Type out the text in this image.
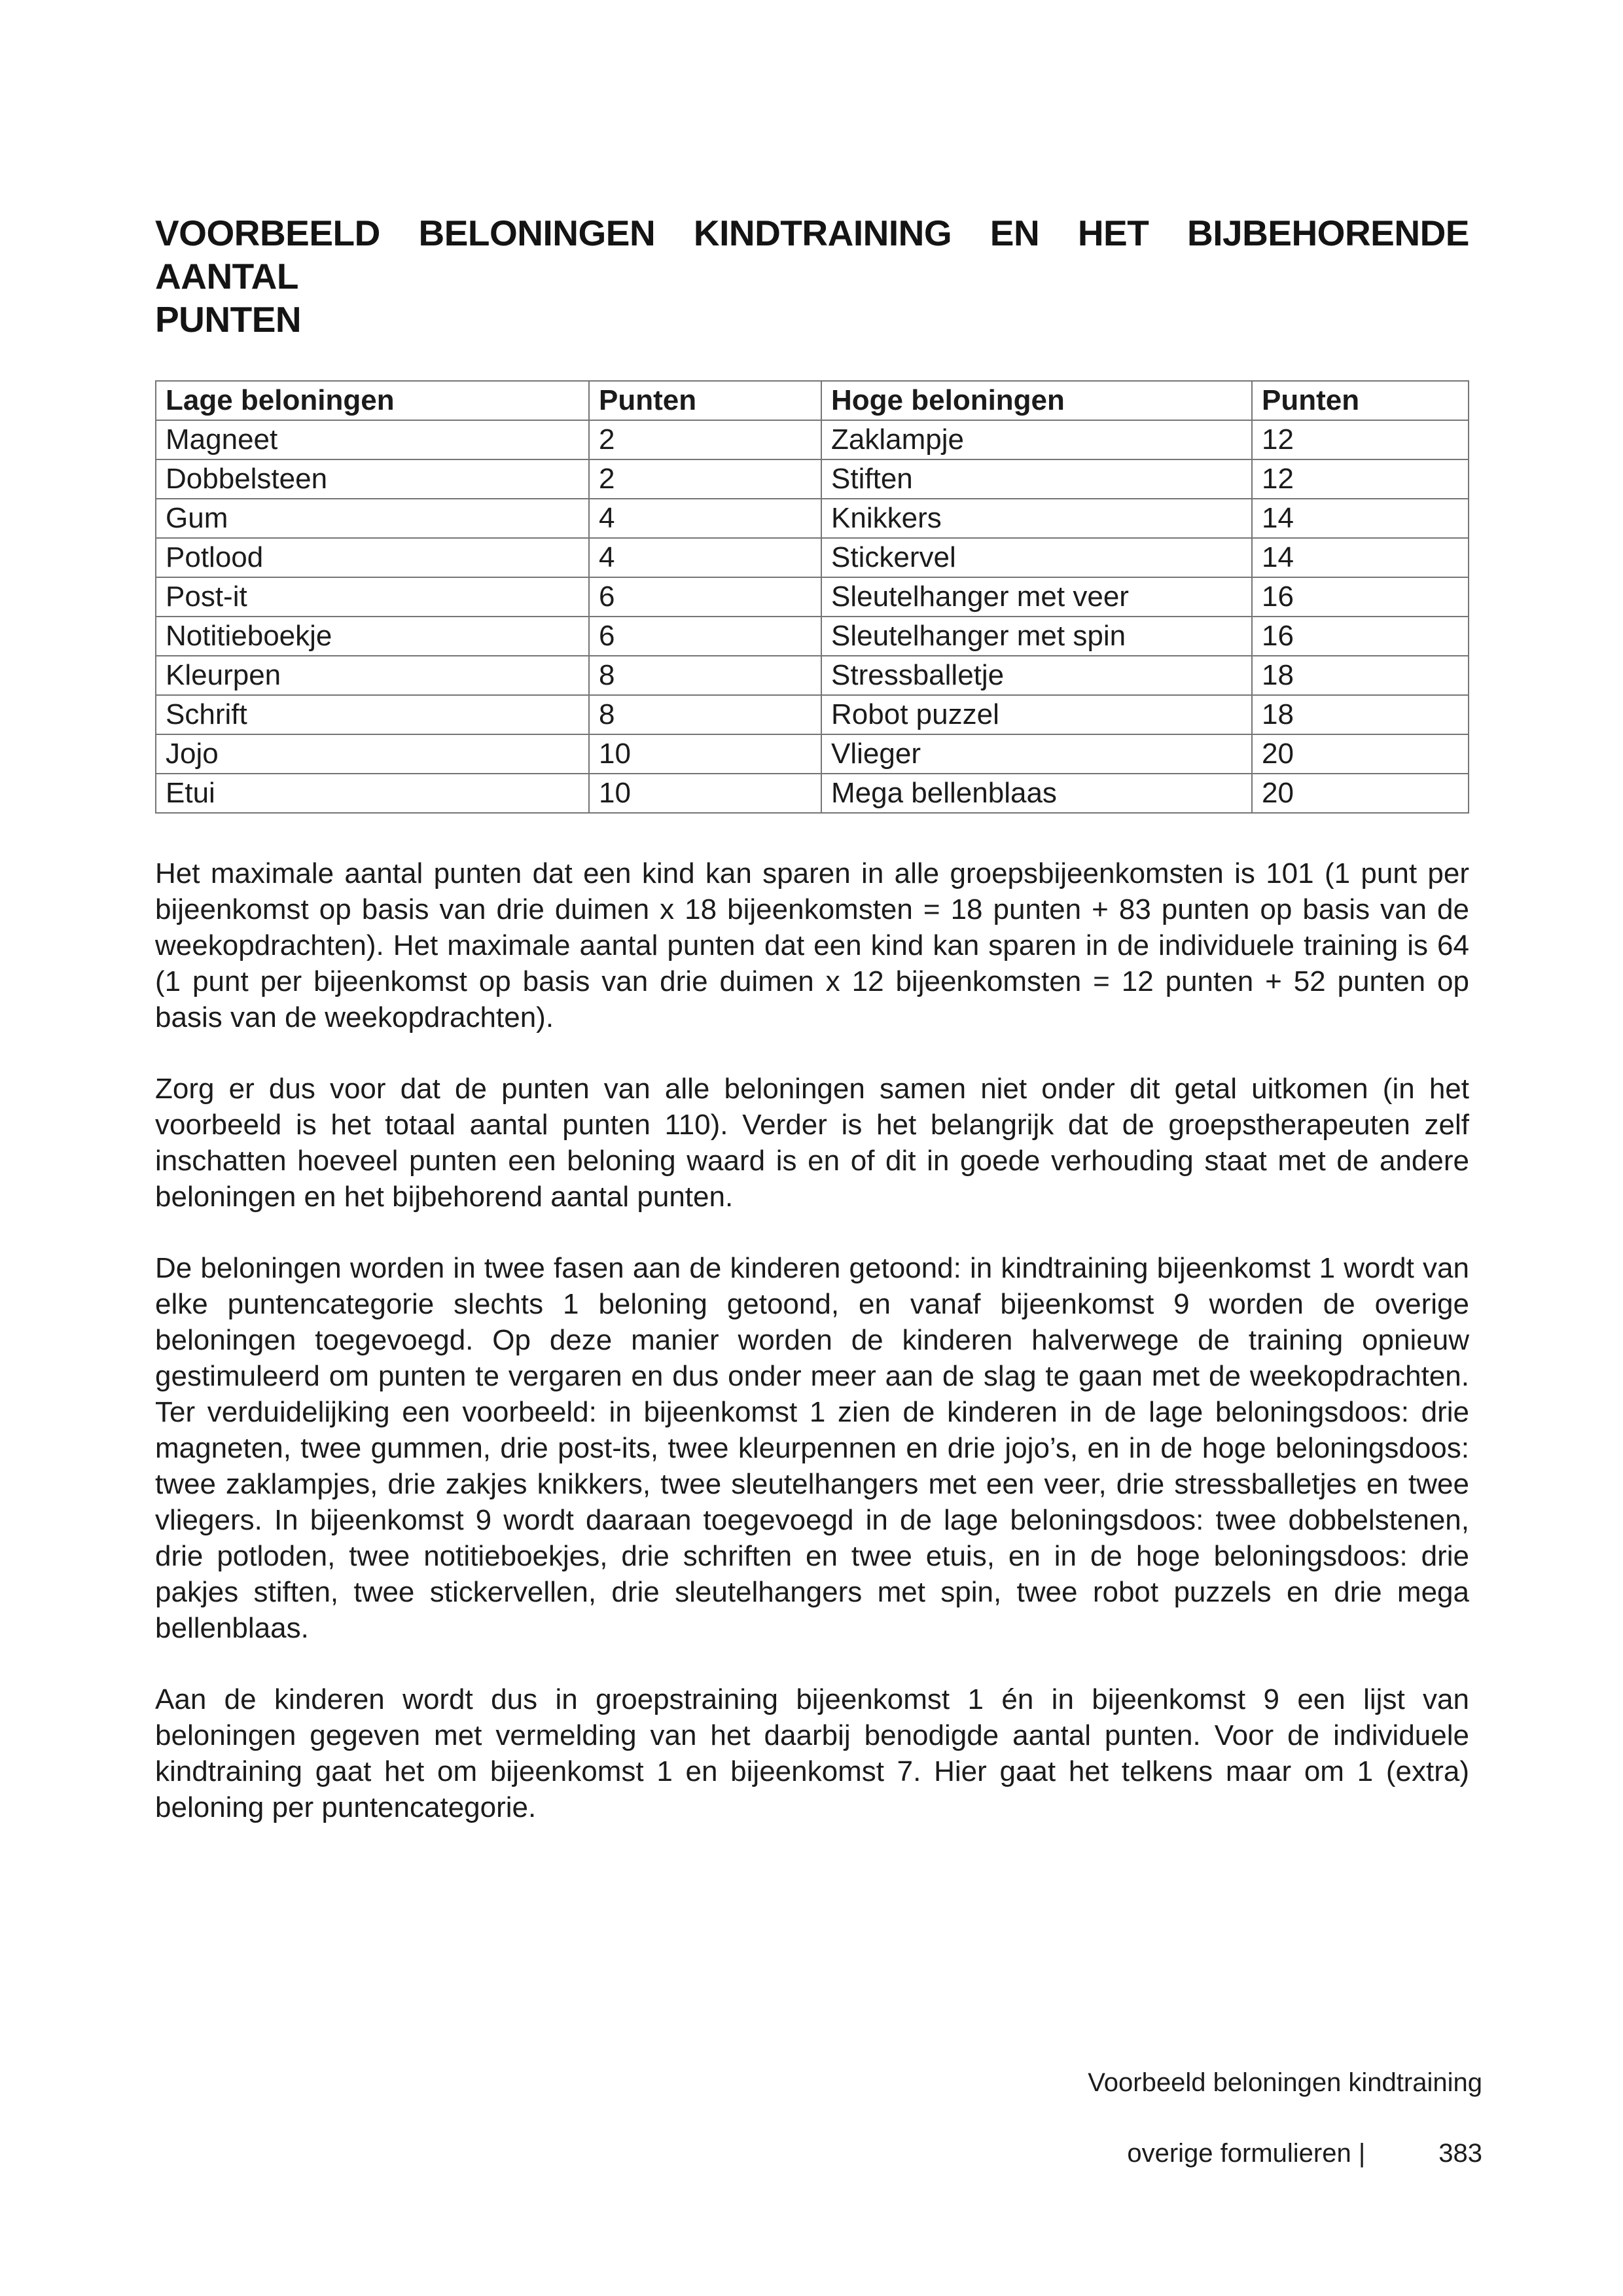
VOORBEELD BELONINGEN KINDTRAINING EN HET BIJBEHORENDE AANTAL
PUNTEN
Lage beloningen	Punten	Hoge beloningen	Punten
Magneet	2	Zaklampje	12
Dobbelsteen	2	Stiften	12
Gum	4	Knikkers	14
Potlood	4	Stickervel	14
Post-it	6	Sleutelhanger met veer	16
Notitieboekje	6	Sleutelhanger met spin	16
Kleurpen	8	Stressballetje	18
Schrift	8	Robot puzzel	18
Jojo	10	Vlieger	20
Etui	10	Mega bellenblaas	20

Het maximale aantal punten dat een kind kan sparen in alle groepsbijeenkomsten is 101 (1 punt per bijeenkomst op basis van drie duimen x 18 bijeenkomsten = 18 punten + 83 punten op basis van de weekopdrachten). Het maximale aantal punten dat een kind kan sparen in de individuele training is 64 (1 punt per bijeenkomst op basis van drie duimen x 12 bijeenkomsten = 12 punten + 52 punten op basis van de weekopdrachten).

Zorg er dus voor dat de punten van alle beloningen samen niet onder dit getal uitkomen (in het voorbeeld is het totaal aantal punten 110). Verder is het belangrijk dat de groepstherapeuten zelf inschatten hoeveel punten een beloning waard is en of dit in goede verhouding staat met de andere beloningen en het bijbehorend aantal punten.

De beloningen worden in twee fasen aan de kinderen getoond: in kindtraining bijeenkomst 1 wordt van elke puntencategorie slechts 1 beloning getoond, en vanaf bijeenkomst 9 worden de overige beloningen toegevoegd. Op deze manier worden de kinderen halverwege de training opnieuw gestimuleerd om punten te vergaren en dus onder meer aan de slag te gaan met de weekopdrachten. Ter verduidelijking een voorbeeld: in bijeenkomst 1 zien de kinderen in de lage beloningsdoos: drie magneten, twee gummen, drie post-its, twee kleurpennen en drie jojo’s, en in de hoge beloningsdoos: twee zaklampjes, drie zakjes knikkers, twee sleutelhangers met een veer, drie stressballetjes en twee vliegers. In bijeenkomst 9 wordt daaraan toegevoegd in de lage beloningsdoos: twee dobbelstenen, drie potloden, twee notitieboekjes, drie schriften en twee etuis, en in de hoge beloningsdoos: drie pakjes stiften, twee stickervellen, drie sleutelhangers met spin, twee robot puzzels en drie mega bellenblaas.

Aan de kinderen wordt dus in groepstraining bijeenkomst 1 én in bijeenkomst 9 een lijst van beloningen gegeven met vermelding van het daarbij benodigde aantal punten. Voor de individuele kindtraining gaat het om bijeenkomst 1 en bijeenkomst 7. Hier gaat het telkens maar om 1 (extra) beloning per puntencategorie.

Voorbeeld beloningen kindtraining
overige formulieren |	383
